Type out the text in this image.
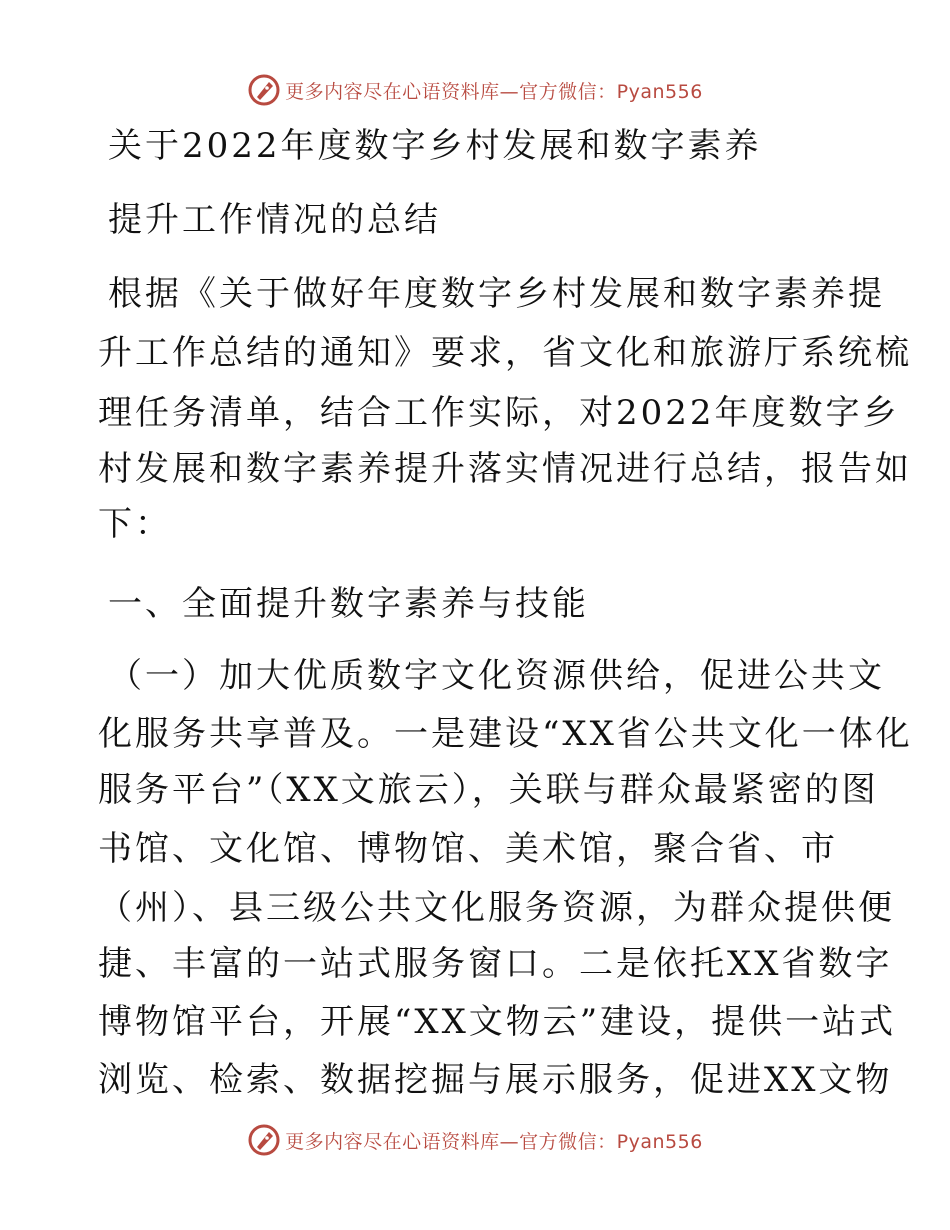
更多内容尽在心语资料库—官方微信：Pyan556
关于2022年度数字乡村发展和数字素养
提升工作情况的总结
根据《关于做好年度数字乡村发展和数字素养提
升工作总结的通知》要求，省文化和旅游厅系统梳
理任务清单，结合工作实际，对2022年度数字乡
村发展和数字素养提升落实情况进行总结，报告如
下：
一、全面提升数字素养与技能
（一）加大优质数字文化资源供给，促进公共文
化服务共享普及。一是建设“XX省公共文化一体化
服务平台”（XX文旅云），关联与群众最紧密的图
书馆、文化馆、博物馆、美术馆，聚合省、市
（州）、县三级公共文化服务资源，为群众提供便
捷、丰富的一站式服务窗口。二是依托XX省数字
博物馆平台，开展“XX文物云”建设，提供一站式
浏览、检索、数据挖掘与展示服务，促进XX文物
更多内容尽在心语资料库—官方微信：Pyan556
